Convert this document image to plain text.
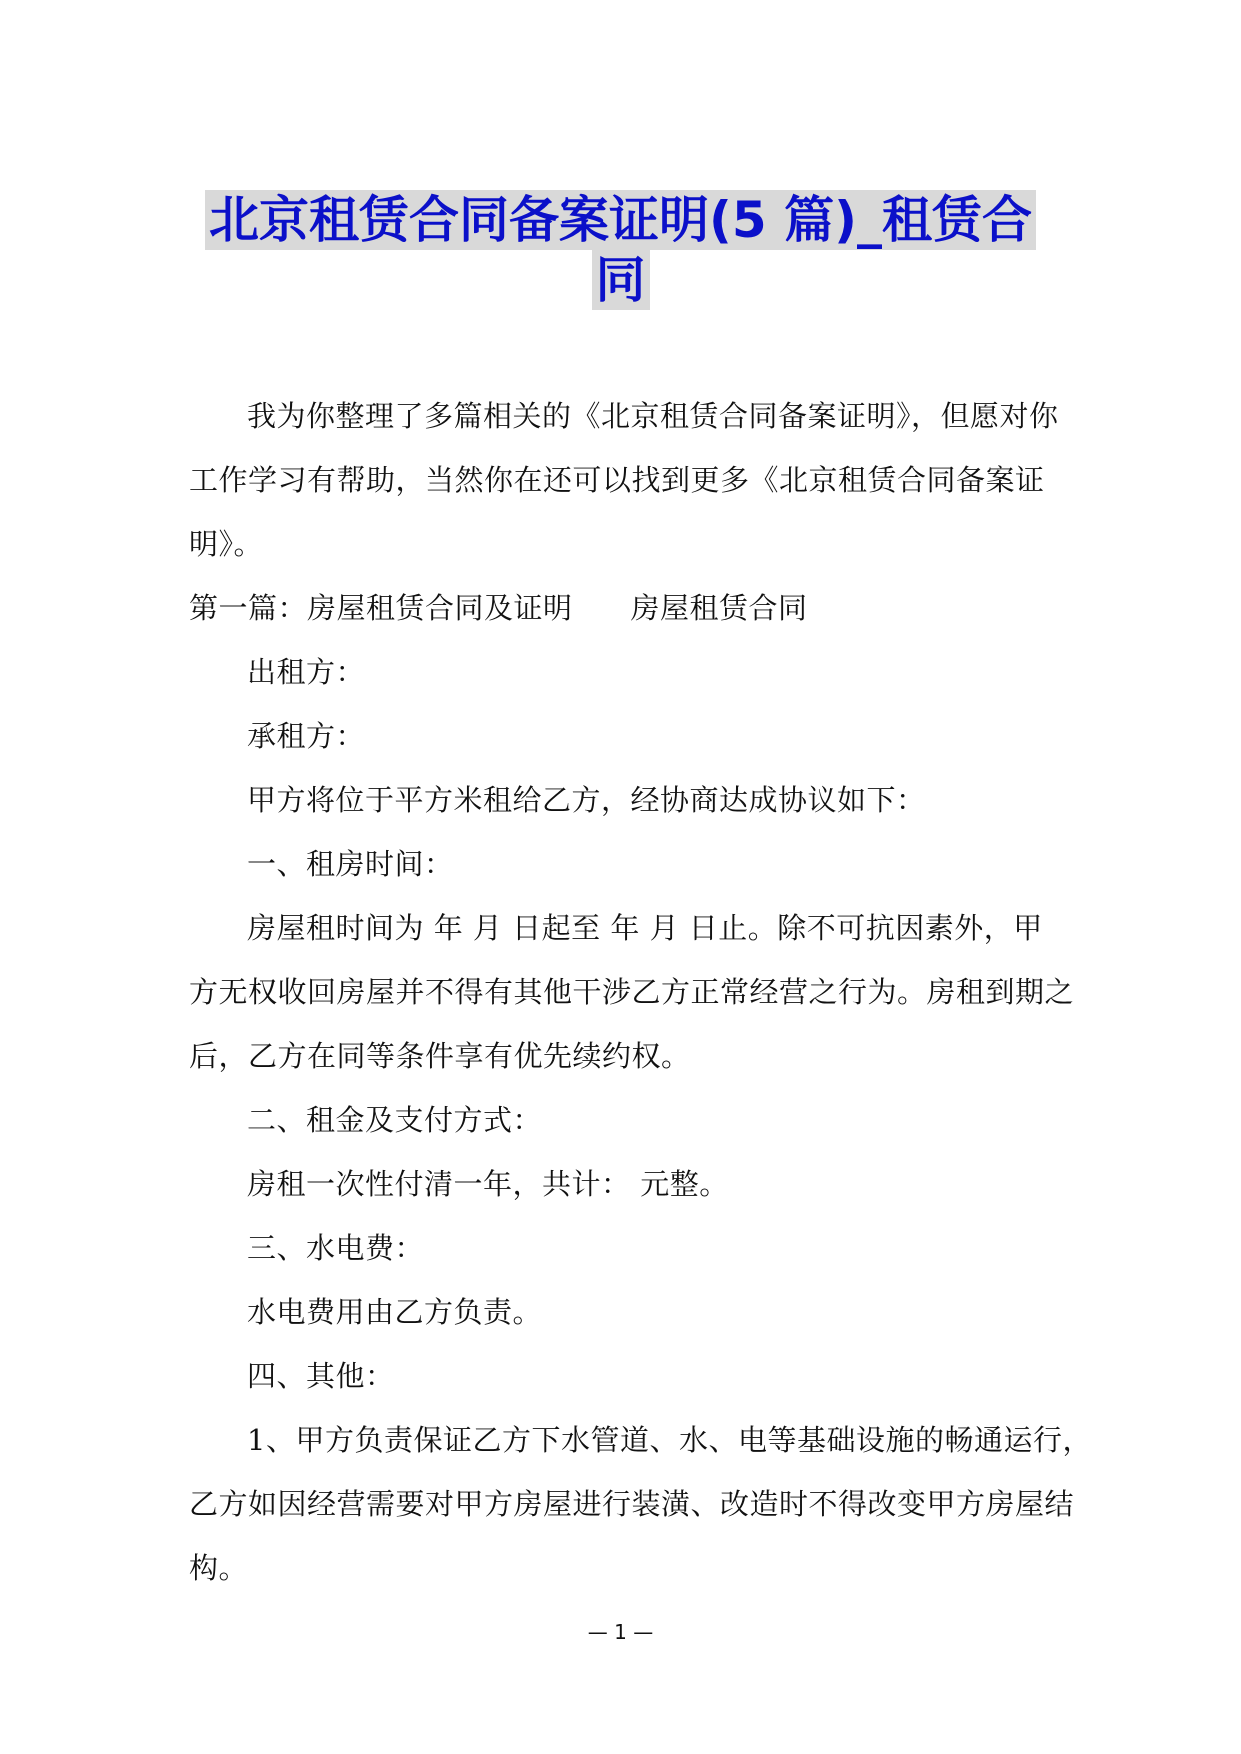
北京租赁合同备案证明(5 篇)_租赁合
同

我为你整理了多篇相关的《北京租赁合同备案证明》，但愿对你

工作学习有帮助，当然你在还可以找到更多《北京租赁合同备案证

明》。

第一篇：房屋租赁合同及证明 房屋租赁合同

出租方：

承租方：

甲方将位于平方米租给乙方，经协商达成协议如下：

一、租房时间：

房屋租时间为 年 月 日起至 年 月 日止。除不可抗因素外，甲

方无权收回房屋并不得有其他干涉乙方正常经营之行为。房租到期之

后，乙方在同等条件享有优先续约权。

二、租金及支付方式：

房租一次性付清一年，共计： 元整。

三、水电费：

水电费用由乙方负责。

四、其他：

1、甲方负责保证乙方下水管道、水、电等基础设施的畅通运行，

乙方如因经营需要对甲方房屋进行装潢、改造时不得改变甲方房屋结

构。

— 1 —
